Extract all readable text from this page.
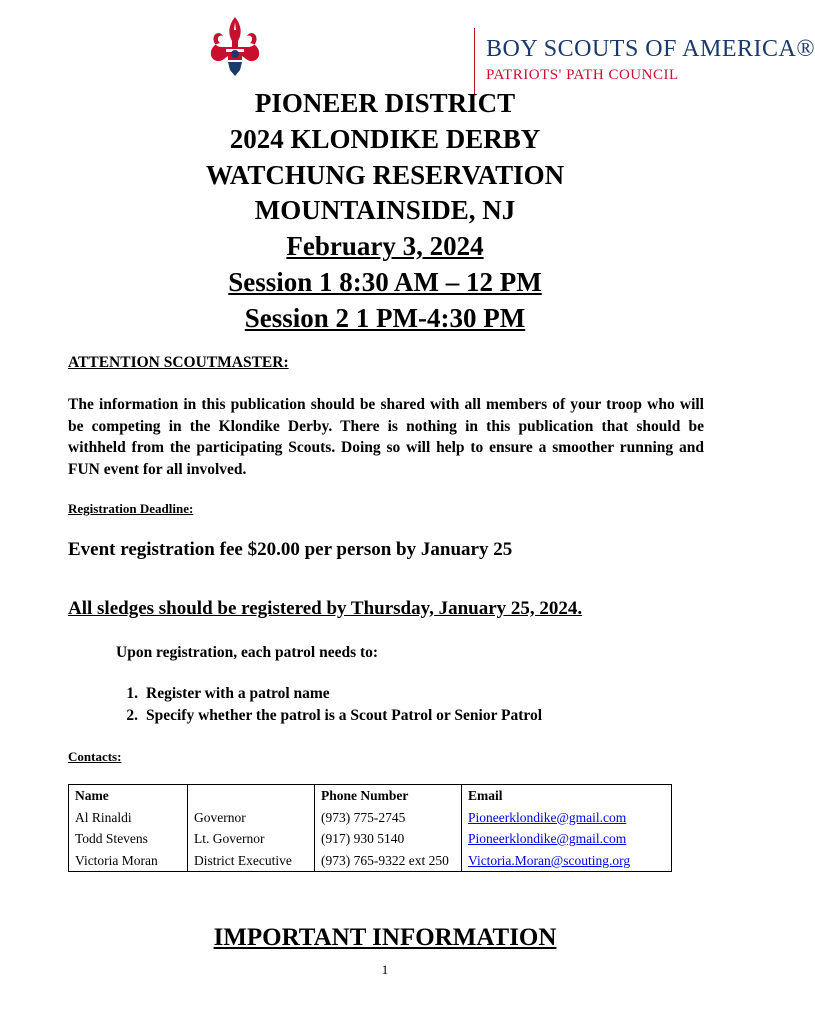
BOY SCOUTS OF AMERICA®
PATRIOTS' PATH COUNCIL
PIONEER DISTRICT
2024 KLONDIKE DERBY
WATCHUNG RESERVATION
MOUNTAINSIDE, NJ
February 3, 2024
Session 1 8:30 AM – 12 PM
Session 2 1 PM-4:30 PM
ATTENTION SCOUTMASTER:
The information in this publication should be shared with all members of your troop who will be competing in the Klondike Derby. There is nothing in this publication that should be withheld from the participating Scouts. Doing so will help to ensure a smoother running and FUN event for all involved.
Registration Deadline:
Event registration fee $20.00 per person by January 25
All sledges should be registered by Thursday, January 25, 2024.
Upon registration, each patrol needs to:
1. Register with a patrol name
2. Specify whether the patrol is a Scout Patrol or Senior Patrol
Contacts:
Name		Phone Number	Email
Al Rinaldi	Governor	(973) 775-2745	Pioneerklondike@gmail.com
Todd Stevens	Lt. Governor	(917) 930 5140	Pioneerklondike@gmail.com
Victoria Moran	District Executive	(973) 765-9322 ext 250	Victoria.Moran@scouting.org
IMPORTANT INFORMATION
1
